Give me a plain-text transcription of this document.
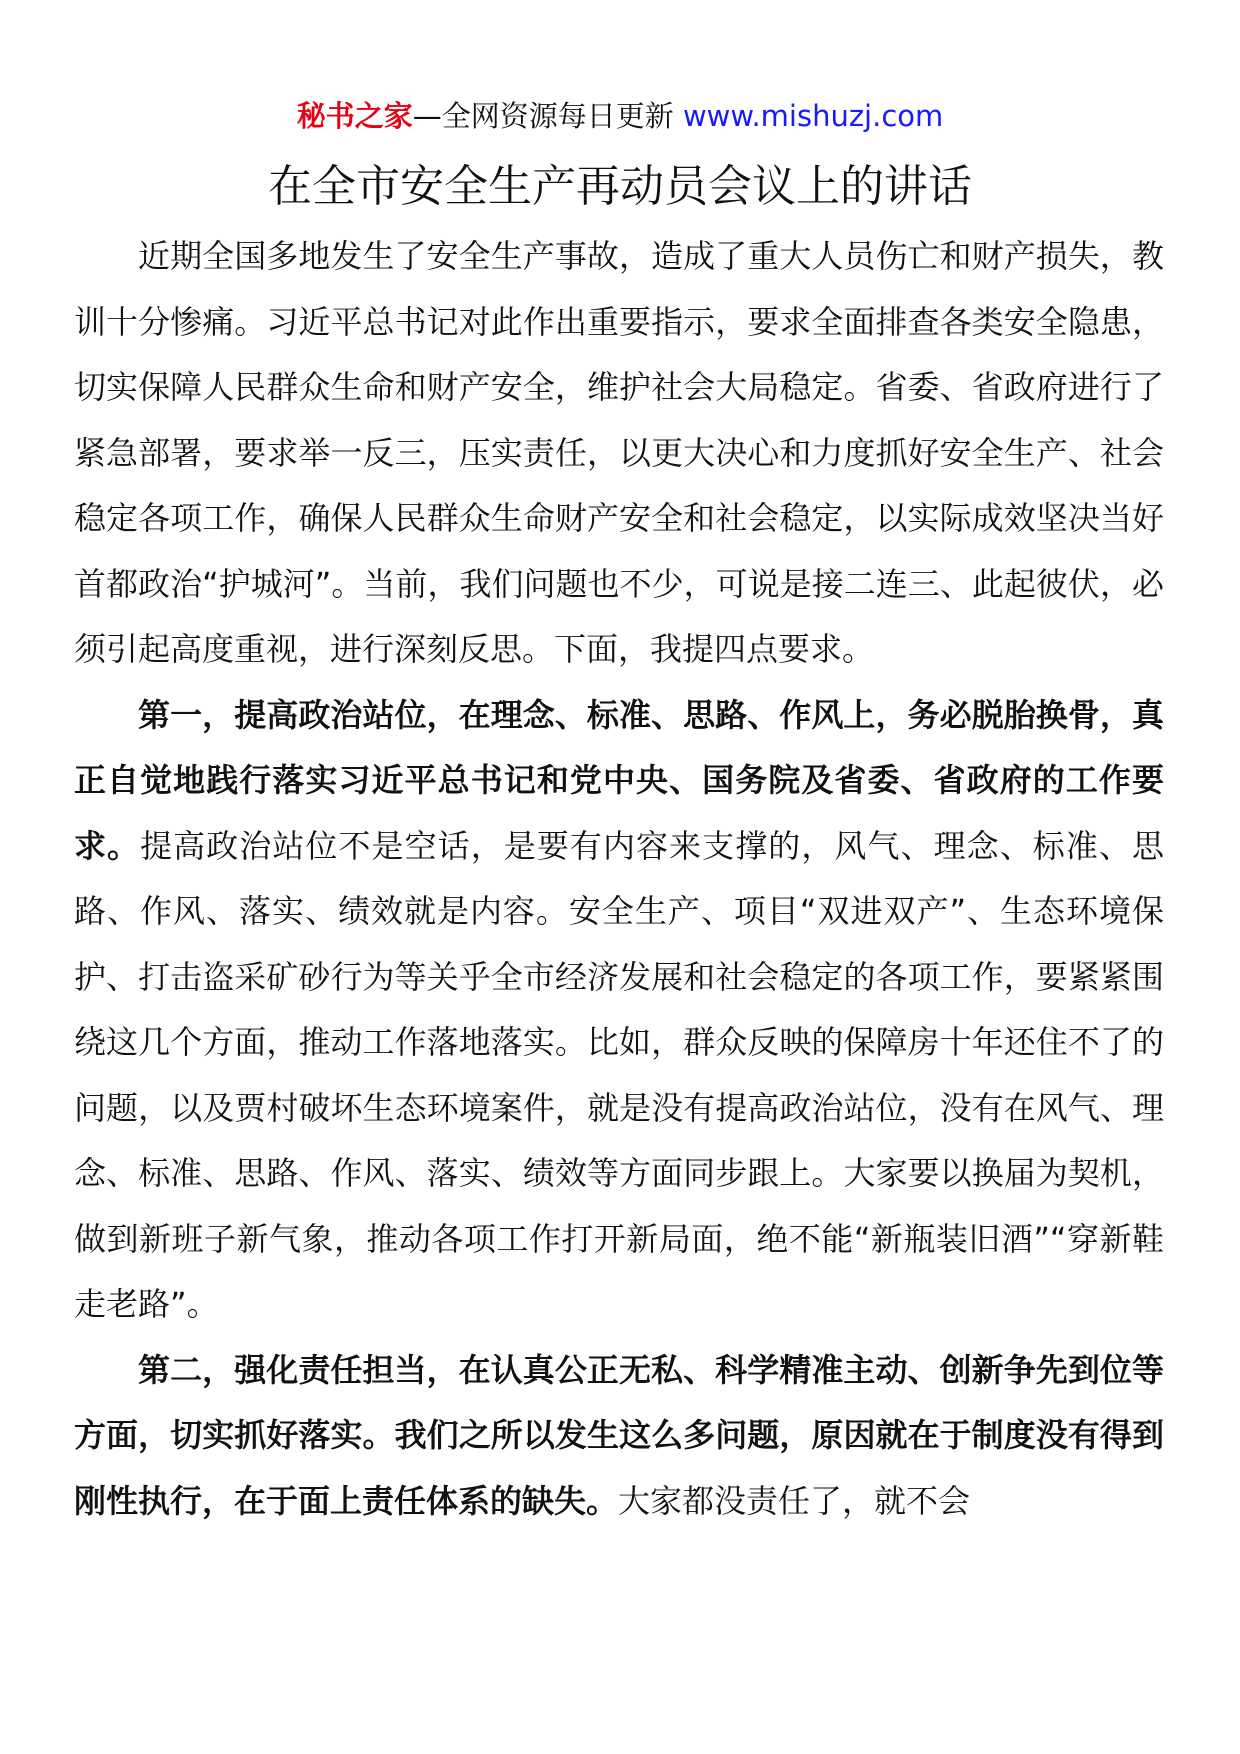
秘书之家—全网资源每日更新 www.mishuzj.com
在全市安全生产再动员会议上的讲话

近期全国多地发生了安全生产事故，造成了重大人员伤亡和财产损失，教训十分惨痛。习近平总书记对此作出重要指示，要求全面排查各类安全隐患，切实保障人民群众生命和财产安全，维护社会大局稳定。省委、省政府进行了紧急部署，要求举一反三，压实责任，以更大决心和力度抓好安全生产、社会稳定各项工作，确保人民群众生命财产安全和社会稳定，以实际成效坚决当好首都政治“护城河”。当前，我们问题也不少，可说是接二连三、此起彼伏，必须引起高度重视，进行深刻反思。下面，我提四点要求。

第一，提高政治站位，在理念、标准、思路、作风上，务必脱胎换骨，真正自觉地践行落实习近平总书记和党中央、国务院及省委、省政府的工作要求。提高政治站位不是空话，是要有内容来支撑的，风气、理念、标准、思路、作风、落实、绩效就是内容。安全生产、项目“双进双产”、生态环境保护、打击盗采矿砂行为等关乎全市经济发展和社会稳定的各项工作，要紧紧围绕这几个方面，推动工作落地落实。比如，群众反映的保障房十年还住不了的问题，以及贾村破坏生态环境案件，就是没有提高政治站位，没有在风气、理念、标准、思路、作风、落实、绩效等方面同步跟上。大家要以换届为契机，做到新班子新气象，推动各项工作打开新局面，绝不能“新瓶装旧酒”“穿新鞋走老路”。

第二，强化责任担当，在认真公正无私、科学精准主动、创新争先到位等方面，切实抓好落实。我们之所以发生这么多问题，原因就在于制度没有得到刚性执行，在于面上责任体系的缺失。大家都没责任了，就不会
